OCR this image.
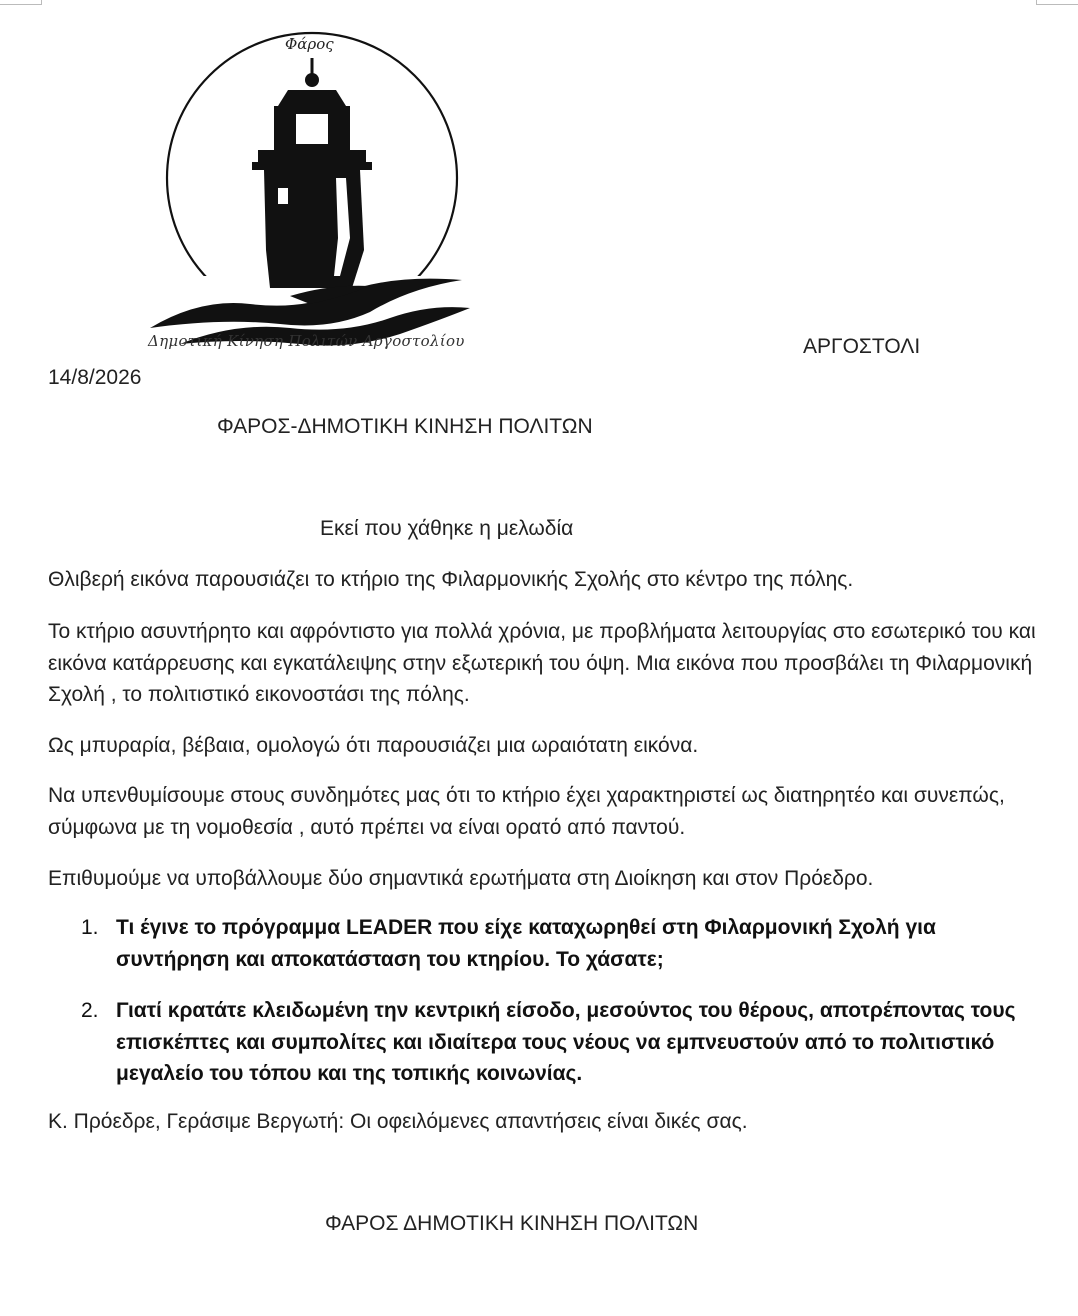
Φάρος
Δημοτική Κίνηση Πολιτών Αργοστολίου	ΑΡΓΟΣΤΟΛΙ
14/8/2026
ΦΑΡΟΣ-ΔΗΜΟΤΙΚΗ ΚΙΝΗΣΗ ΠΟΛΙΤΩΝ
Εκεί που χάθηκε η μελωδία
Θλιβερή εικόνα παρουσιάζει το κτήριο της Φιλαρμονικής Σχολής στο κέντρο της πόλης.
Το κτήριο ασυντήρητο και αφρόντιστο για πολλά χρόνια, με προβλήματα λειτουργίας στο εσωτερικό του και εικόνα κατάρρευσης και εγκατάλειψης στην εξωτερική του όψη. Μια εικόνα που προσβάλει τη Φιλαρμονική Σχολή , το πολιτιστικό εικονοστάσι της πόλης.
Ως μπυραρία, βέβαια, ομολογώ ότι παρουσιάζει μια ωραιότατη εικόνα.
Να υπενθυμίσουμε στους συνδημότες μας ότι το κτήριο έχει χαρακτηριστεί ως διατηρητέο και συνεπώς, σύμφωνα με τη νομοθεσία , αυτό πρέπει να είναι ορατό από παντού.
Επιθυμούμε να υποβάλλουμε δύο σημαντικά ερωτήματα στη Διοίκηση και στον Πρόεδρο.
1. Τι έγινε το πρόγραμμα LEADER που είχε καταχωρηθεί στη Φιλαρμονική Σχολή για συντήρηση και αποκατάσταση του κτηρίου. Το χάσατε;
2. Γιατί κρατάτε κλειδωμένη την κεντρική είσοδο, μεσούντος του θέρους, αποτρέποντας τους επισκέπτες και συμπολίτες και ιδιαίτερα τους νέους να εμπνευστούν από το πολιτιστικό μεγαλείο του τόπου και της τοπικής κοινωνίας.
Κ. Πρόεδρε, Γεράσιμε Βεργωτή: Οι οφειλόμενες απαντήσεις είναι δικές σας.
ΦΑΡΟΣ ΔΗΜΟΤΙΚΗ ΚΙΝΗΣΗ ΠΟΛΙΤΩΝ
